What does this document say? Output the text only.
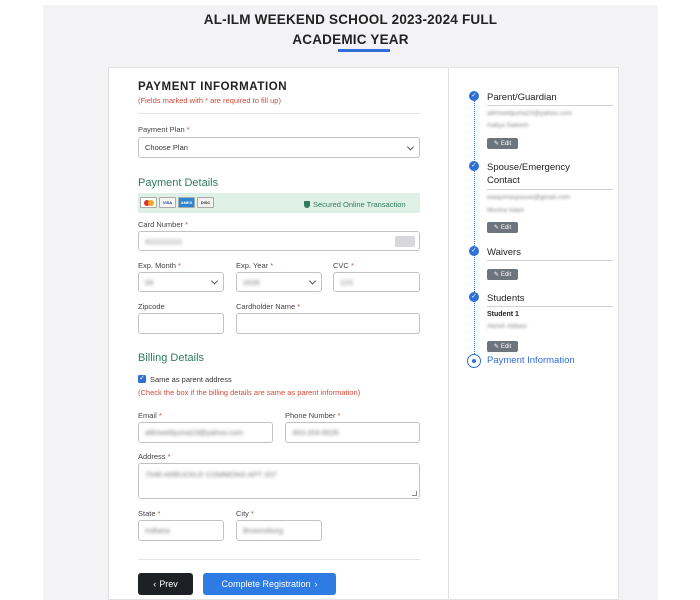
AL-ILM WEEKEND SCHOOL 2023-2024 FULL
ACADEMIC YEAR
PAYMENT INFORMATION
(Fields marked with * are required to fill up)
Payment Plan *
Choose Plan
Payment Details
VISA	AMEX	DISC	Secured Online Transaction
Card Number *
4111111111
Exp. Month *
04
Exp. Year *
2026
CVC *
123
Zipcode	Cardholder Name *
Billing Details
✓ Same as parent address
(Check the box if the billing details are same as parent information)
Email *
alilmwebjuma23@yahoo.com
Phone Number *
463-204-9026
Address *
7048 ARBUCKLE COMMONS APT 207
State *
Indiana
City *
Brownsburg
‹ Prev	Complete Registration ›
✓ Parent/Guardian
alilmwebjuma23@yahoo.com
Aaliya Saleem
✎ Edit
✓ Spouse/Emergency
Contact
wasjumaspouse@gmail.com
Munira Islam
✎ Edit
✓ Waivers
✎ Edit
✓ Students
Student 1
Abrish Abbasi
✎ Edit
Payment Information
